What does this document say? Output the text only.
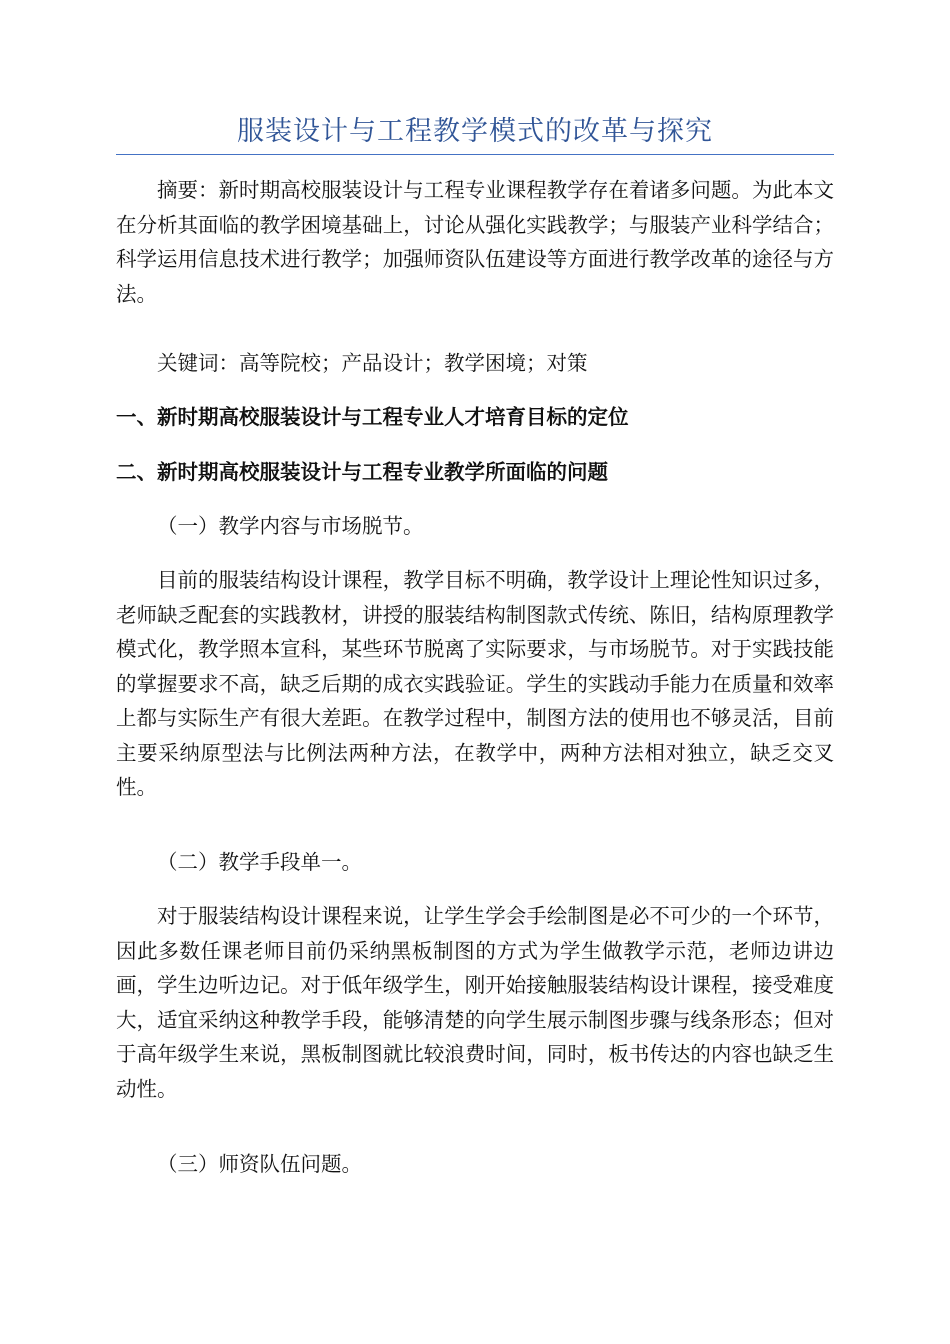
服装设计与工程教学模式的改革与探究

摘要：新时期高校服装设计与工程专业课程教学存在着诸多问题。为此本文在分析其面临的教学困境基础上，讨论从强化实践教学；与服装产业科学结合；科学运用信息技术进行教学；加强师资队伍建设等方面进行教学改革的途径与方法。

关键词：高等院校；产品设计；教学困境；对策

一、新时期高校服装设计与工程专业人才培育目标的定位

二、新时期高校服装设计与工程专业教学所面临的问题

（一）教学内容与市场脱节。

目前的服装结构设计课程，教学目标不明确，教学设计上理论性知识过多，老师缺乏配套的实践教材，讲授的服装结构制图款式传统、陈旧，结构原理教学模式化，教学照本宣科，某些环节脱离了实际要求，与市场脱节。对于实践技能的掌握要求不高，缺乏后期的成衣实践验证。学生的实践动手能力在质量和效率上都与实际生产有很大差距。在教学过程中，制图方法的使用也不够灵活，目前主要采纳原型法与比例法两种方法，在教学中，两种方法相对独立，缺乏交叉性。

（二）教学手段单一。

对于服装结构设计课程来说，让学生学会手绘制图是必不可少的一个环节，因此多数任课老师目前仍采纳黑板制图的方式为学生做教学示范，老师边讲边画，学生边听边记。对于低年级学生，刚开始接触服装结构设计课程，接受难度大，适宜采纳这种教学手段，能够清楚的向学生展示制图步骤与线条形态；但对于高年级学生来说，黑板制图就比较浪费时间，同时，板书传达的内容也缺乏生动性。

（三）师资队伍问题。
